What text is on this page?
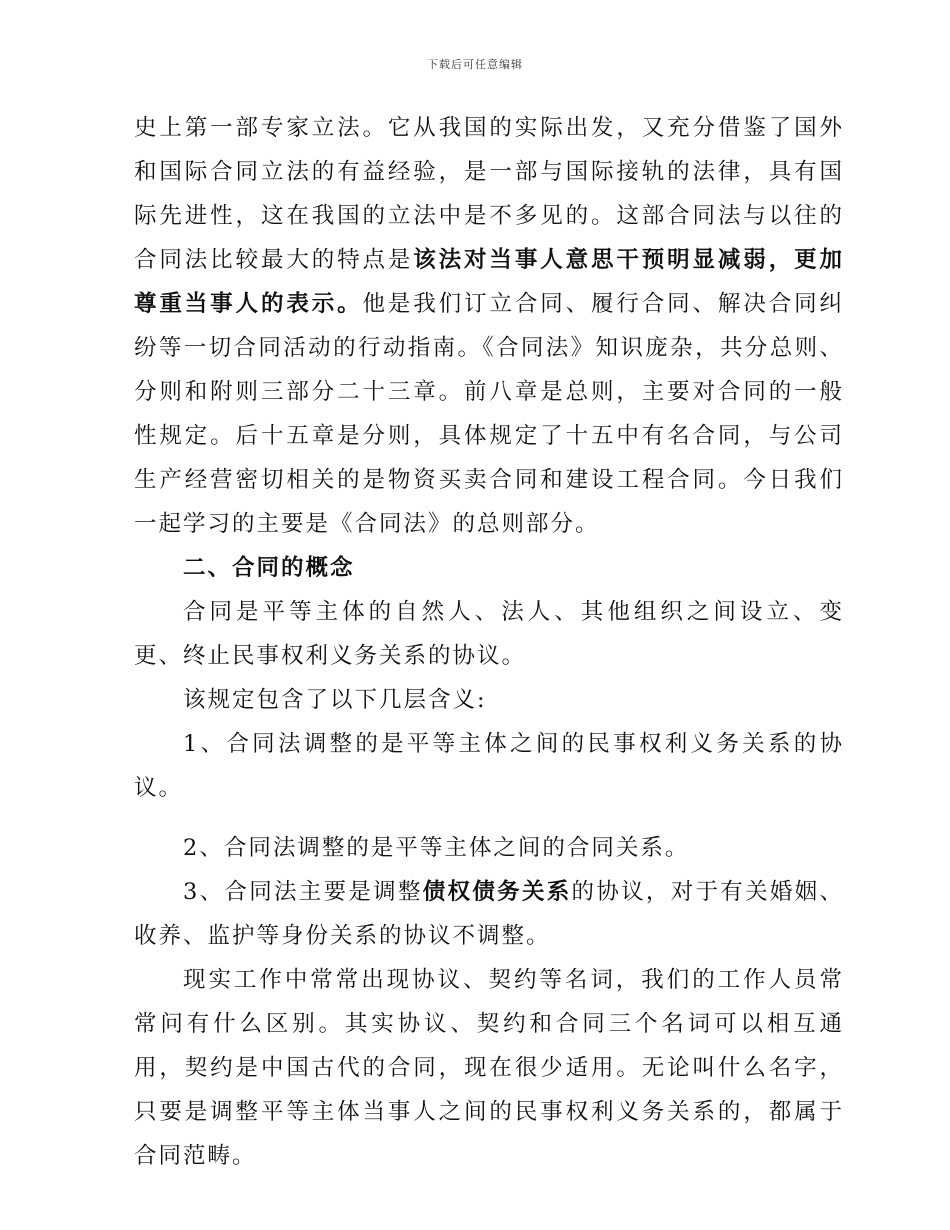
下载后可任意编辑

史上第一部专家立法。它从我国的实际出发，又充分借鉴了国外和国际合同立法的有益经验，是一部与国际接轨的法律，具有国际先进性，这在我国的立法中是不多见的。这部合同法与以往的合同法比较最大的特点是该法对当事人意思干预明显减弱，更加尊重当事人的表示。他是我们订立合同、履行合同、解决合同纠纷等一切合同活动的行动指南。《合同法》知识庞杂，共分总则、分则和附则三部分二十三章。前八章是总则，主要对合同的一般性规定。后十五章是分则，具体规定了十五中有名合同，与公司生产经营密切相关的是物资买卖合同和建设工程合同。今日我们一起学习的主要是《合同法》的总则部分。

二、合同的概念

合同是平等主体的自然人、法人、其他组织之间设立、变更、终止民事权利义务关系的协议。

该规定包含了以下几层含义:

1、合同法调整的是平等主体之间的民事权利义务关系的协议。

2、合同法调整的是平等主体之间的合同关系。

3、合同法主要是调整债权债务关系的协议，对于有关婚姻、收养、监护等身份关系的协议不调整。

现实工作中常常出现协议、契约等名词，我们的工作人员常常问有什么区别。其实协议、契约和合同三个名词可以相互通用，契约是中国古代的合同，现在很少适用。无论叫什么名字，只要是调整平等主体当事人之间的民事权利义务关系的，都属于合同范畴。
